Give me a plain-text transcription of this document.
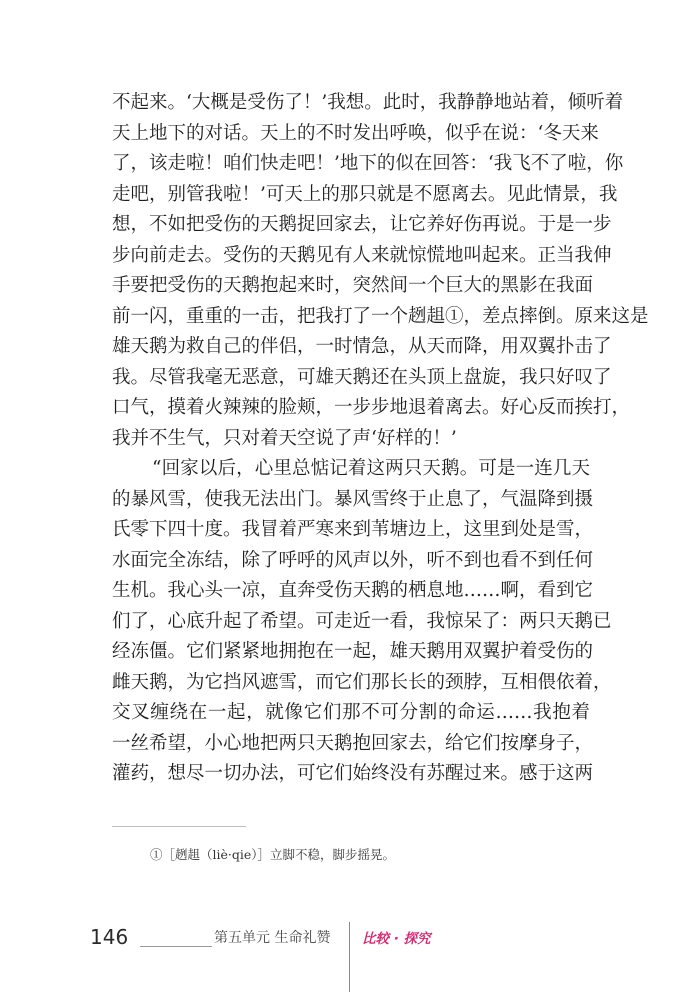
不起来。‘大概是受伤了！’我想。此时，我静静地站着，倾听着
天上地下的对话。天上的不时发出呼唤，似乎在说：‘冬天来
了，该走啦！咱们快走吧！’地下的似在回答：‘我飞不了啦，你
走吧，别管我啦！’可天上的那只就是不愿离去。见此情景，我
想，不如把受伤的天鹅捉回家去，让它养好伤再说。于是一步
步向前走去。受伤的天鹅见有人来就惊慌地叫起来。正当我伸
手要把受伤的天鹅抱起来时，突然间一个巨大的黑影在我面
前一闪，重重的一击，把我打了一个趔趄①，差点摔倒。原来这是
雄天鹅为救自己的伴侣，一时情急，从天而降，用双翼扑击了
我。尽管我毫无恶意，可雄天鹅还在头顶上盘旋，我只好叹了
口气，摸着火辣辣的脸颊，一步步地退着离去。好心反而挨打，
我并不生气，只对着天空说了声‘好样的！’
“回家以后，心里总惦记着这两只天鹅。可是一连几天
的暴风雪，使我无法出门。暴风雪终于止息了，气温降到摄
氏零下四十度。我冒着严寒来到苇塘边上，这里到处是雪，
水面完全冻结，除了呼呼的风声以外，听不到也看不到任何
生机。我心头一凉，直奔受伤天鹅的栖息地……啊，看到它
们了，心底升起了希望。可走近一看，我惊呆了：两只天鹅已
经冻僵。它们紧紧地拥抱在一起，雄天鹅用双翼护着受伤的
雌天鹅，为它挡风遮雪，而它们那长长的颈脖，互相偎依着，
交叉缠绕在一起，就像它们那不可分割的命运……我抱着
一丝希望，小心地把两只天鹅抱回家去，给它们按摩身子，
灌药，想尽一切办法，可它们始终没有苏醒过来。感于这两
①［趔趄（liè·qie）］立脚不稳，脚步摇晃。
146	第五单元 生命礼赞 比较 · 探究
